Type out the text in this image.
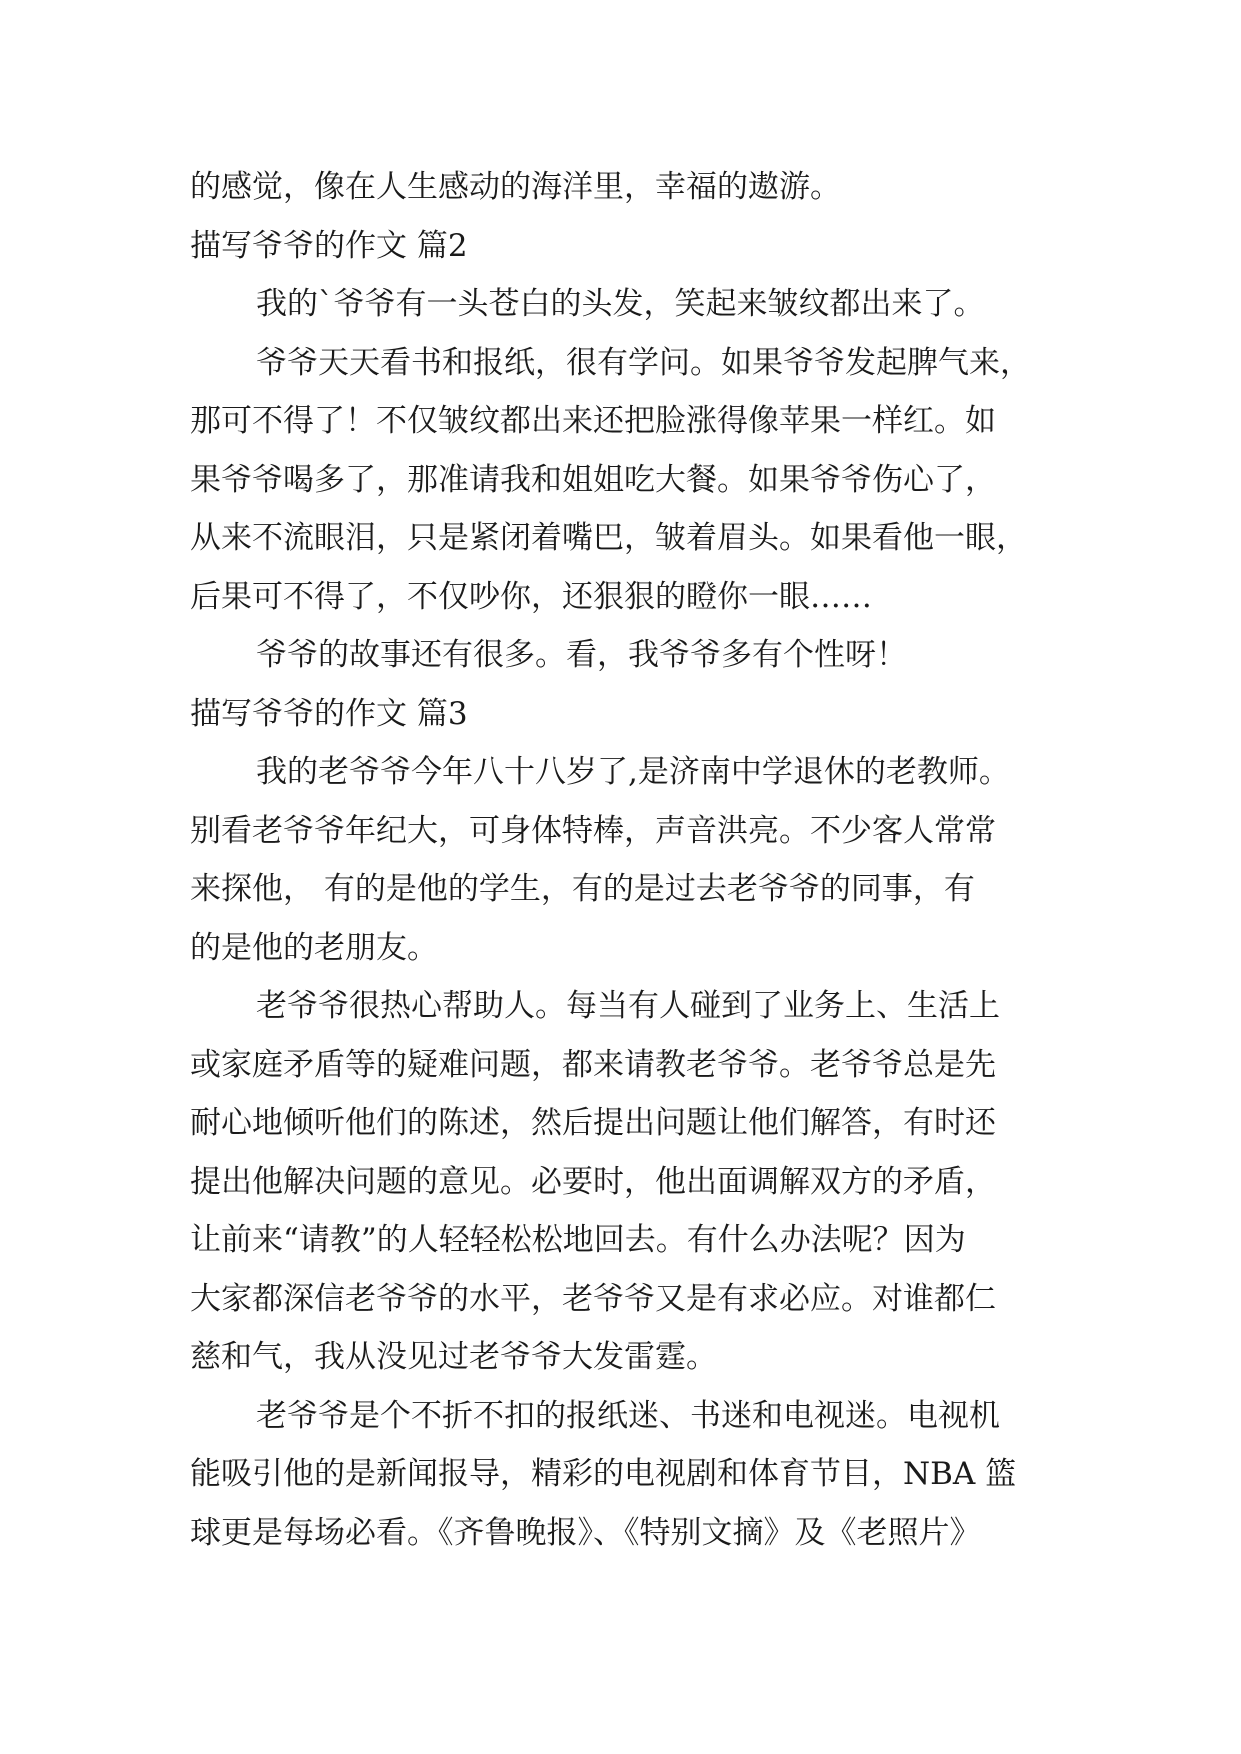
的感觉，像在人生感动的海洋里，幸福的遨游。
描写爷爷的作文 篇2
我的`爷爷有一头苍白的头发，笑起来皱纹都出来了。
爷爷天天看书和报纸，很有学问。如果爷爷发起脾气来，
那可不得了！不仅皱纹都出来还把脸涨得像苹果一样红。如
果爷爷喝多了，那准请我和姐姐吃大餐。如果爷爷伤心了，
从来不流眼泪，只是紧闭着嘴巴，皱着眉头。如果看他一眼，
后果可不得了，不仅吵你，还狠狠的瞪你一眼……
爷爷的故事还有很多。看，我爷爷多有个性呀！
描写爷爷的作文 篇3
我的老爷爷今年八十八岁了,是济南中学退休的老教师。
别看老爷爷年纪大，可身体特棒，声音洪亮。不少客人常常
来探他， 有的是他的学生，有的是过去老爷爷的同事，有
的是他的老朋友。
老爷爷很热心帮助人。每当有人碰到了业务上、生活上
或家庭矛盾等的疑难问题，都来请教老爷爷。老爷爷总是先
耐心地倾听他们的陈述，然后提出问题让他们解答，有时还
提出他解决问题的意见。必要时，他出面调解双方的矛盾，
让前来“请教”的人轻轻松松地回去。有什么办法呢？因为
大家都深信老爷爷的水平，老爷爷又是有求必应。对谁都仁
慈和气，我从没见过老爷爷大发雷霆。
老爷爷是个不折不扣的报纸迷、书迷和电视迷。电视机
能吸引他的是新闻报导，精彩的电视剧和体育节目，NBA 篮
球更是每场必看。《齐鲁晚报》、《特别文摘》及《老照片》
